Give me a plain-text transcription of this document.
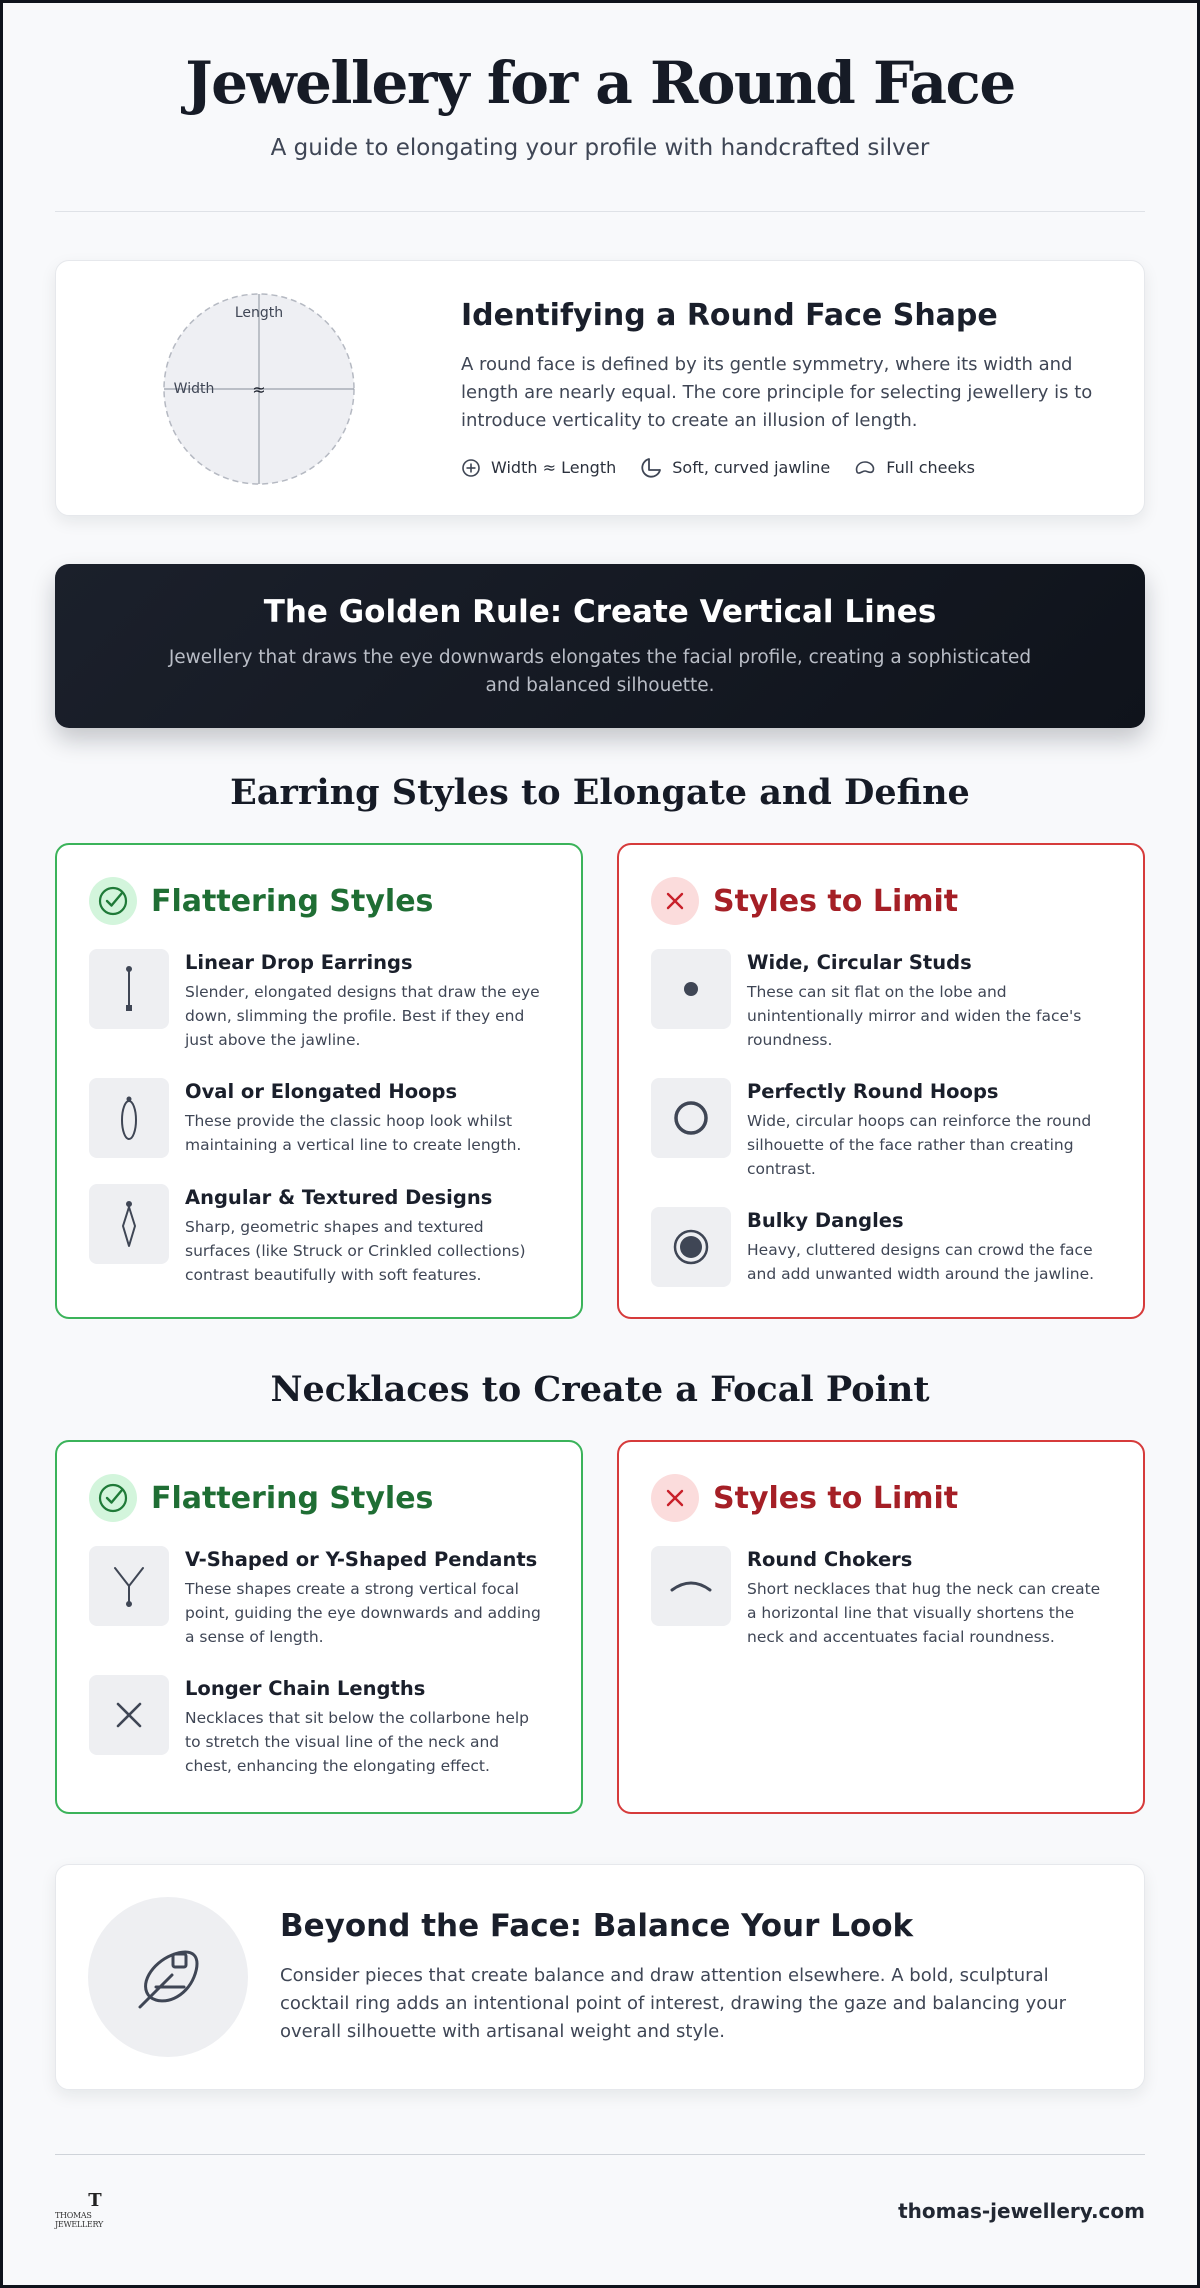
Jewellery for a Round Face

A guide to elongating your profile with handcrafted silver

Length
Width ≈
Identifying a Round Face Shape

A round face is defined by its gentle symmetry, where its width and length are nearly equal. The core principle for selecting jewellery is to introduce verticality to create an illusion of length.

Width ≈ Length	Soft, curved jawline	Full cheeks
The Golden Rule: Create Vertical Lines

Jewellery that draws the eye downwards elongates the facial profile, creating a sophisticated and balanced silhouette.

Earring Styles to Elongate and Define
Flattering Styles
Linear Drop Earrings

Slender, elongated designs that draw the eye down, slimming the profile. Best if they end just above the jawline.

Oval or Elongated Hoops

These provide the classic hoop look whilst maintaining a vertical line to create length.

Angular & Textured Designs

Sharp, geometric shapes and textured surfaces (like Struck or Crinkled collections) contrast beautifully with soft features.

Styles to Limit
Wide, Circular Studs

These can sit flat on the lobe and unintentionally mirror and widen the face's roundness.

Perfectly Round Hoops

Wide, circular hoops can reinforce the round silhouette of the face rather than creating contrast.

Bulky Dangles

Heavy, cluttered designs can crowd the face and add unwanted width around the jawline.

Necklaces to Create a Focal Point
Flattering Styles
V-Shaped or Y-Shaped Pendants

These shapes create a strong vertical focal point, guiding the eye downwards and adding a sense of length.

Longer Chain Lengths

Necklaces that sit below the collarbone help to stretch the visual line of the neck and chest, enhancing the elongating effect.

Styles to Limit
Round Chokers

Short necklaces that hug the neck can create a horizontal line that visually shortens the neck and accentuates facial roundness.

Beyond the Face: Balance Your Look

Consider pieces that create balance and draw attention elsewhere. A bold, sculptural cocktail ring adds an intentional point of interest, drawing the gaze and balancing your overall silhouette with artisanal weight and style.

T
THOMAS JEWELLERY
thomas-jewellery.com
